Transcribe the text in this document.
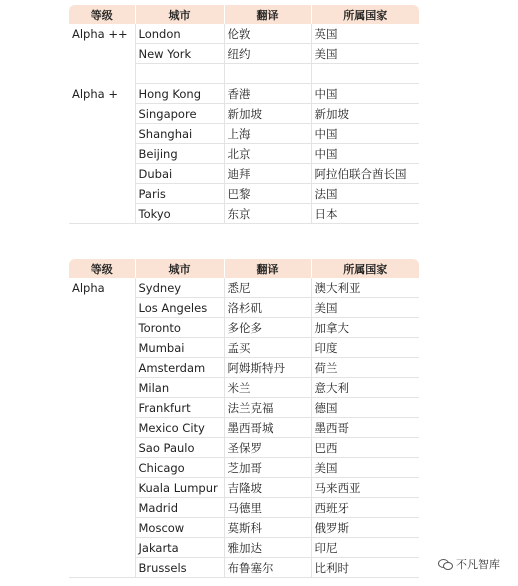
等级	城市	翻译	所属国家
Alpha ++	London	伦敦	英国
	New York	纽约	美国

Alpha +	Hong Kong	香港	中国
	Singapore	新加坡	新加坡
	Shanghai	上海	中国
	Beijing	北京	中国
	Dubai	迪拜	阿拉伯联合酋长国
	Paris	巴黎	法国
	Tokyo	东京	日本
等级	城市	翻译	所属国家
Alpha	Sydney	悉尼	澳大利亚
	Los Angeles	洛杉矶	美国
	Toronto	多伦多	加拿大
	Mumbai	孟买	印度
	Amsterdam	阿姆斯特丹	荷兰
	Milan	米兰	意大利
	Frankfurt	法兰克福	德国
	Mexico City	墨西哥城	墨西哥
	Sao Paulo	圣保罗	巴西
	Chicago	芝加哥	美国
	Kuala Lumpur	吉隆坡	马来西亚
	Madrid	马德里	西班牙
	Moscow	莫斯科	俄罗斯
	Jakarta	雅加达	印尼
	Brussels	布鲁塞尔	比利时	不凡智库
